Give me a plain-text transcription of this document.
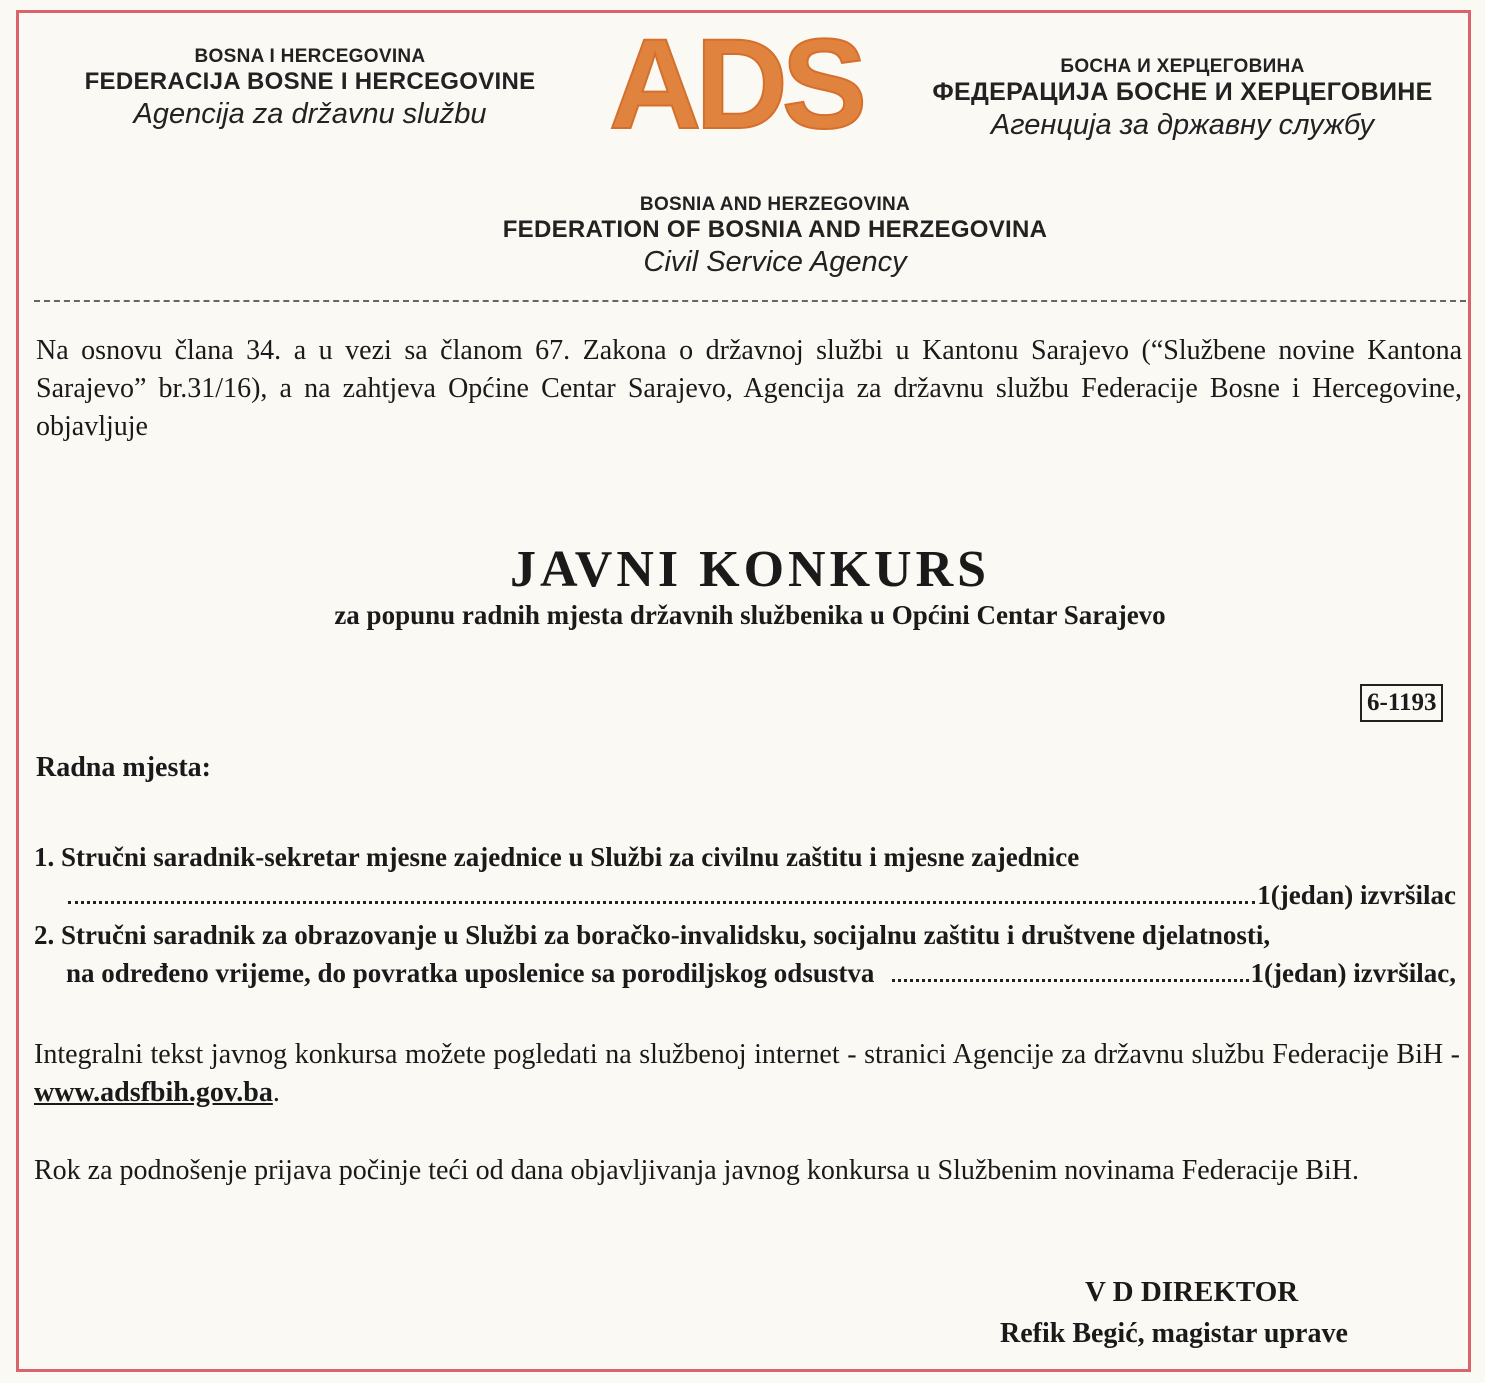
BOSNA I HERCEGOVINA
FEDERACIJA BOSNE I HERCEGOVINE
Agencija za državnu službu ADS	БОСНА И ХЕРЦЕГОВИНА
ФЕДЕРАЦИЈА БОСНЕ И ХЕРЦЕГОВИНЕ
Агенција за државну службу
BOSNIA AND HERZEGOVINA
FEDERATION OF BOSNIA AND HERZEGOVINA
Civil Service Agency
Na osnovu člana 34. a u vezi sa članom 67. Zakona o državnoj službi u Kantonu Sarajevo (“Službene novine Kantona Sarajevo” br.31/16), a na zahtjeva Općine Centar Sarajevo, Agencija za državnu službu Federacije Bosne i Hercegovine, objavljuje
JAVNI KONKURS
za popunu radnih mjesta državnih službenika u Općini Centar Sarajevo
6-1193
Radna mjesta:
1. Stručni saradnik-sekretar mjesne zajednice u Službi za civilnu zaštitu i mjesne zajednice
1(jedan) izvršilac
2. Stručni saradnik za obrazovanje u Službi za boračko-invalidsku, socijalnu zaštitu i društvene djelatnosti,
na određeno vrijeme, do povratka uposlenice sa porodiljskog odsustva	1(jedan) izvršilac,
Integralni tekst javnog konkursa možete pogledati na službenoj internet - stranici Agencije za državnu službu Federacije BiH - www.adsfbih.gov.ba.
Rok za podnošenje prijava počinje teći od dana objavljivanja javnog konkursa u Službenim novinama Federacije BiH.
V D DIREKTOR
Refik Begić, magistar uprave
